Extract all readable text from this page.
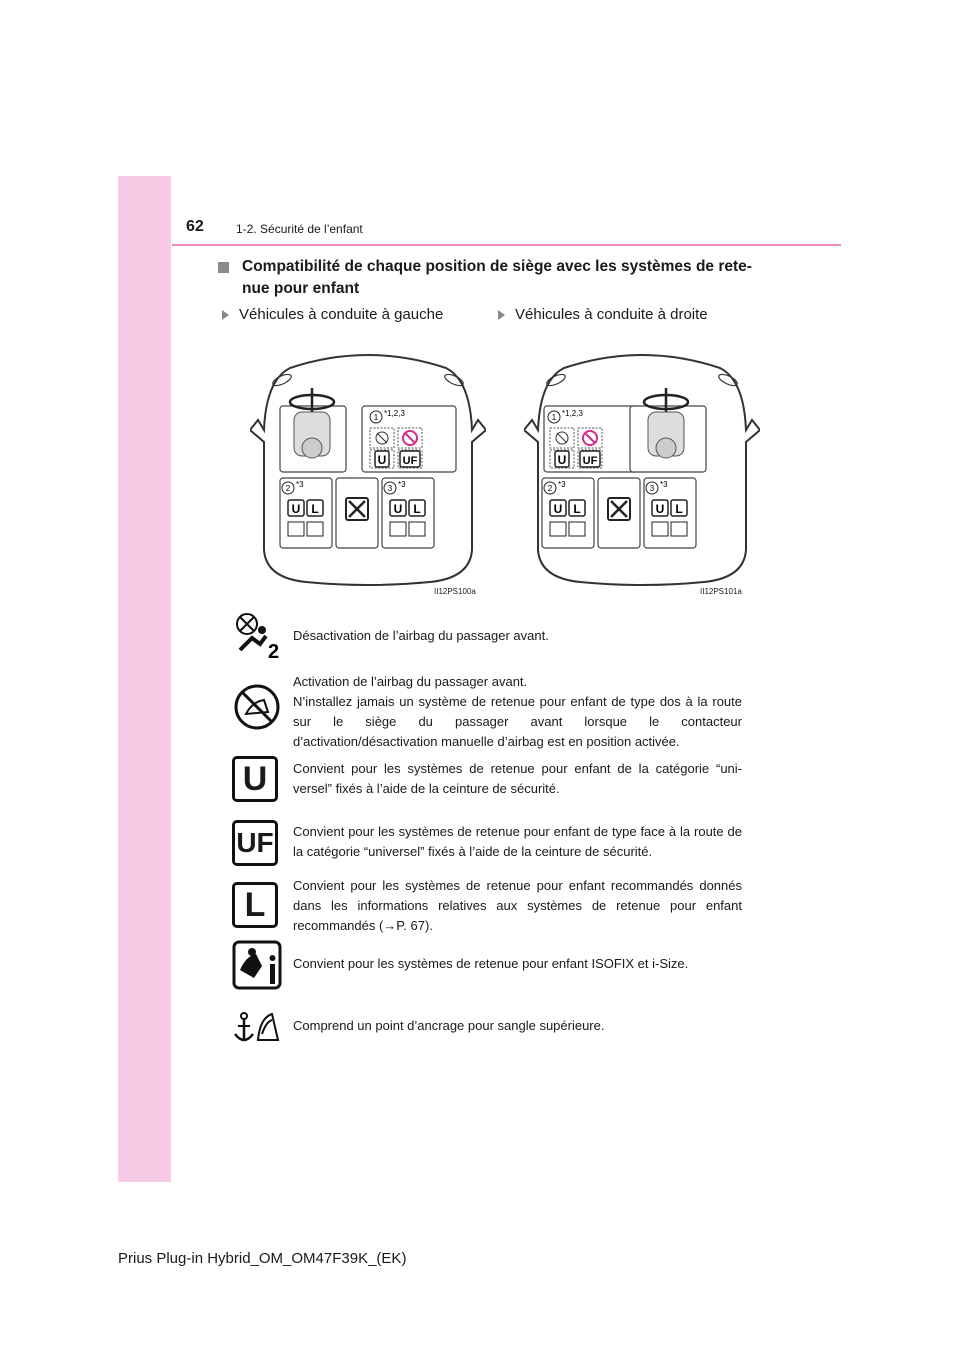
62	1-2. Sécurité de l’enfant
Compatibilité de chaque position de siège avec les systèmes de rete-nue pour enfant
Véhicules à conduite à gauche	Véhicules à conduite à droite
1 *1,2,3
U UF
2 *3
U L
3 *3
U L
II12PS100a
1 *1,2,3
U UF
2 *3
U L
3 *3
U L
II12PS101a
2
Désactivation de l’airbag du passager avant.
Activation de l’airbag du passager avant.
N’installez jamais un système de retenue pour enfant de type dos à la route sur le siège du passager avant lorsque le contacteur d’activation/désactivation manuelle d’airbag est en position activée.
U	Convient pour les systèmes de retenue pour enfant de la catégorie “uni-versel” fixés à l’aide de la ceinture de sécurité.
UF	Convient pour les systèmes de retenue pour enfant de type face à la route de la catégorie “universel” fixés à l’aide de la ceinture de sécurité.
L	Convient pour les systèmes de retenue pour enfant recommandés donnés dans les informations relatives aux systèmes de retenue pour enfant recommandés (→P. 67).
Convient pour les systèmes de retenue pour enfant ISOFIX et i-Size.
Comprend un point d’ancrage pour sangle supérieure.
Prius Plug-in Hybrid_OM_OM47F39K_(EK)
